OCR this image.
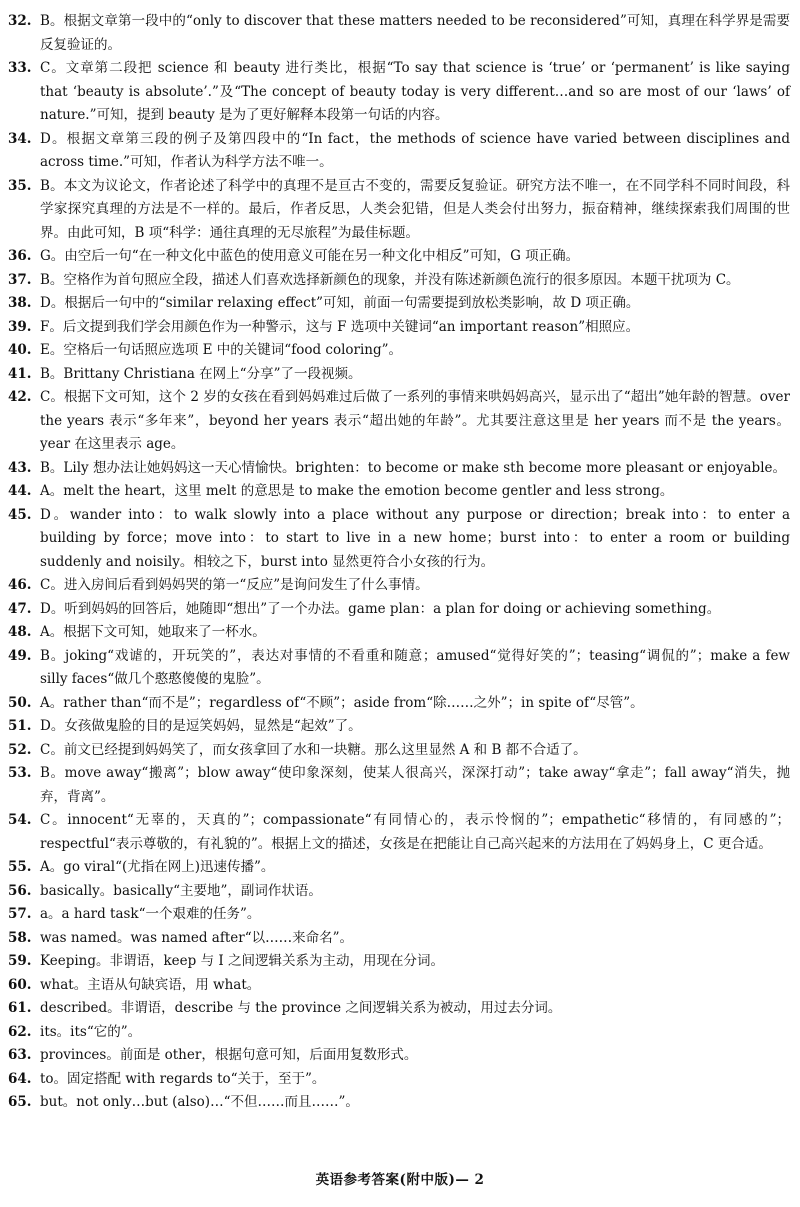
32. B。根据文章第一段中的“only to discover that these matters needed to be reconsidered”可知，真理在科学界是需要反复验证的。
33. C。文章第二段把 science 和 beauty 进行类比，根据“To say that science is ‘true’ or ‘permanent’ is like saying that ‘beauty is absolute’.”及“The concept of beauty today is very different…and so are most of our ‘laws’ of nature.”可知，提到 beauty 是为了更好解释本段第一句话的内容。
34. D。根据文章第三段的例子及第四段中的“In fact，the methods of science have varied between disciplines and across time.”可知，作者认为科学方法不唯一。
35. B。本文为议论文，作者论述了科学中的真理不是亘古不变的，需要反复验证。研究方法不唯一，在不同学科不同时间段，科学家探究真理的方法是不一样的。最后，作者反思，人类会犯错，但是人类会付出努力，振奋精神，继续探索我们周围的世界。由此可知，B 项“科学：通往真理的无尽旅程”为最佳标题。
36. G。由空后一句“在一种文化中蓝色的使用意义可能在另一种文化中相反”可知，G 项正确。
37. B。空格作为首句照应全段，描述人们喜欢选择新颜色的现象，并没有陈述新颜色流行的很多原因。本题干扰项为 C。
38. D。根据后一句中的“similar relaxing effect”可知，前面一句需要提到放松类影响，故 D 项正确。
39. F。后文提到我们学会用颜色作为一种警示，这与 F 选项中关键词“an important reason”相照应。
40. E。空格后一句话照应选项 E 中的关键词“food coloring”。
41. B。Brittany Christiana 在网上“分享”了一段视频。
42. C。根据下文可知，这个 2 岁的女孩在看到妈妈难过后做了一系列的事情来哄妈妈高兴，显示出了“超出”她年龄的智慧。over the years 表示“多年来”，beyond her years 表示“超出她的年龄”。尤其要注意这里是 her years 而不是 the years。year 在这里表示 age。
43. B。Lily 想办法让她妈妈这一天心情愉快。brighten：to become or make sth become more pleasant or enjoyable。
44. A。melt the heart，这里 melt 的意思是 to make the emotion become gentler and less strong。
45. D。wander into：to walk slowly into a place without any purpose or direction；break into：to enter a building by force；move into：to start to live in a new home；burst into：to enter a room or building suddenly and noisily。相较之下，burst into 显然更符合小女孩的行为。
46. C。进入房间后看到妈妈哭的第一“反应”是询问发生了什么事情。
47. D。听到妈妈的回答后，她随即“想出”了一个办法。game plan：a plan for doing or achieving something。
48. A。根据下文可知，她取来了一杯水。
49. B。joking“戏谑的，开玩笑的”，表达对事情的不看重和随意；amused“觉得好笑的”；teasing“调侃的”；make a few silly faces“做几个憨憨傻傻的鬼脸”。
50. A。rather than“而不是”；regardless of“不顾”；aside from“除……之外”；in spite of“尽管”。
51. D。女孩做鬼脸的目的是逗笑妈妈，显然是“起效”了。
52. C。前文已经提到妈妈笑了，而女孩拿回了水和一块糖。那么这里显然 A 和 B 都不合适了。
53. B。move away“搬离”；blow away“使印象深刻，使某人很高兴，深深打动”；take away“拿走”；fall away“消失，抛弃，背离”。
54. C。innocent“无辜的，天真的”；compassionate“有同情心的，表示怜悯的”；empathetic“移情的，有同感的”；respectful“表示尊敬的，有礼貌的”。根据上文的描述，女孩是在把能让自己高兴起来的方法用在了妈妈身上，C 更合适。
55. A。go viral“(尤指在网上)迅速传播”。
56. basically。basically“主要地”，副词作状语。
57. a。a hard task“一个艰难的任务”。
58. was named。was named after“以……来命名”。
59. Keeping。非谓语，keep 与 I 之间逻辑关系为主动，用现在分词。
60. what。主语从句缺宾语，用 what。
61. described。非谓语，describe 与 the province 之间逻辑关系为被动，用过去分词。
62. its。its“它的”。
63. provinces。前面是 other，根据句意可知，后面用复数形式。
64. to。固定搭配 with regards to“关于，至于”。
65. but。not only…but (also)…“不但……而且……”。
英语参考答案(附中版)— 2
